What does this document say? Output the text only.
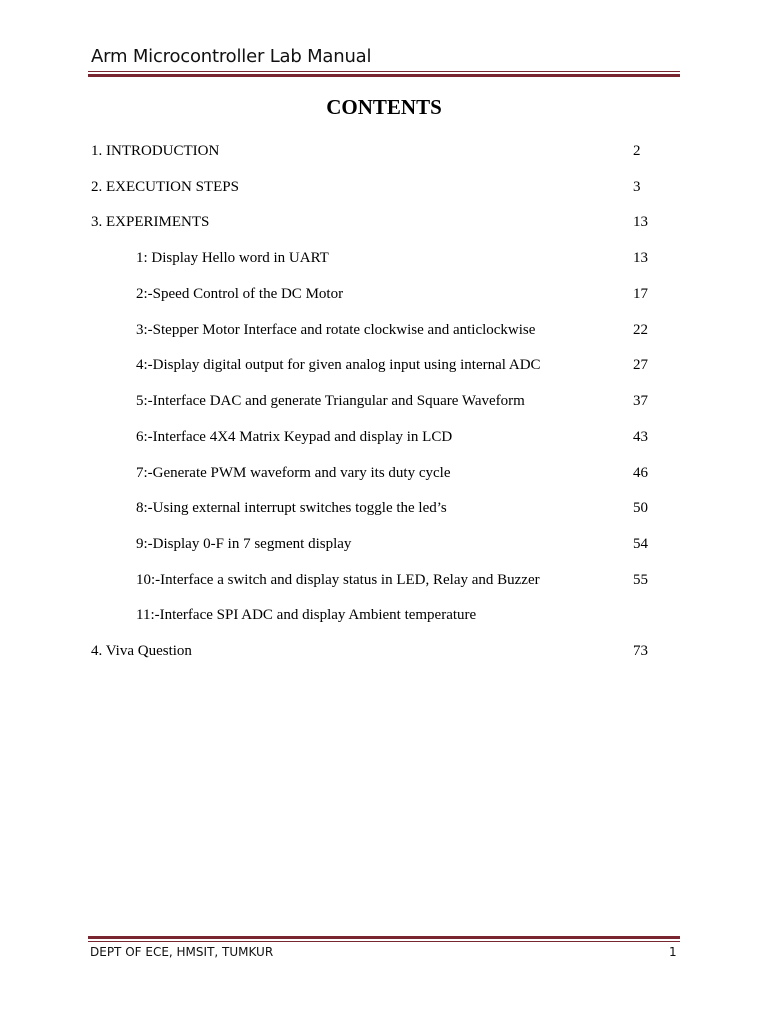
Arm Microcontroller Lab Manual
CONTENTS
1. INTRODUCTION	2
2. EXECUTION STEPS	3
3. EXPERIMENTS	13
1: Display Hello word in UART	13
2:-Speed Control of the DC Motor	17
3:-Stepper Motor Interface and rotate clockwise and anticlockwise	22
4:-Display digital output for given analog input using internal ADC	27
5:-Interface DAC and generate Triangular and Square Waveform	37
6:-Interface 4X4 Matrix Keypad and display in LCD	43
7:-Generate PWM waveform and vary its duty cycle	46
8:-Using external interrupt switches toggle the led’s	50
9:-Display 0-F in 7 segment display	54
10:-Interface a switch and display status in LED, Relay and Buzzer	55
11:-Interface SPI ADC and display Ambient temperature
4. Viva Question	73
DEPT OF ECE, HMSIT, TUMKUR	1
